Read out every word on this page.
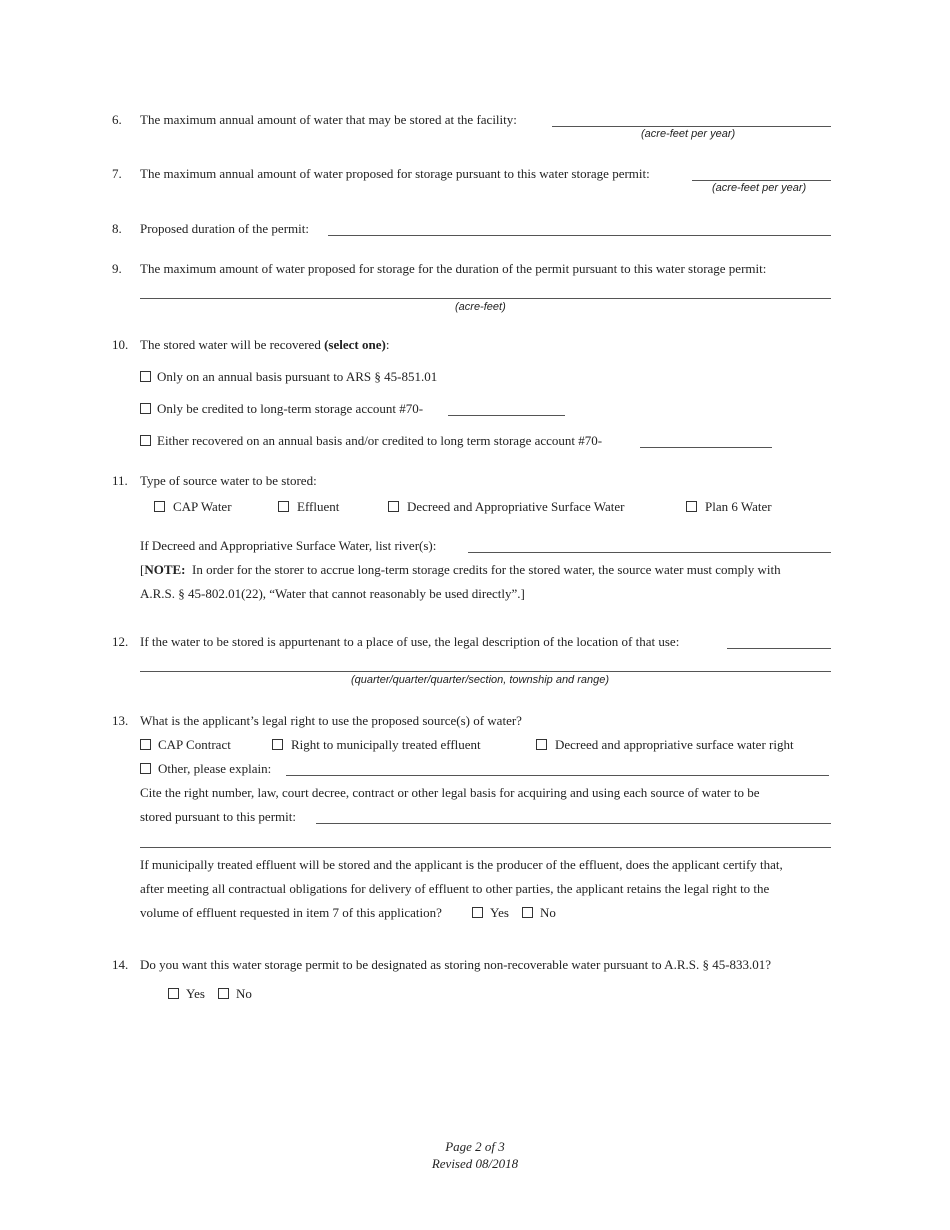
6. The maximum annual amount of water that may be stored at the facility:
(acre-feet per year)
7. The maximum annual amount of water proposed for storage pursuant to this water storage permit:
(acre-feet per year)
8. Proposed duration of the permit:
9. The maximum amount of water proposed for storage for the duration of the permit pursuant to this water storage permit:
(acre-feet)
10. The stored water will be recovered (select one):
Only on an annual basis pursuant to ARS § 45-851.01
Only be credited to long-term storage account #70-
Either recovered on an annual basis and/or credited to long term storage account #70-
11. Type of source water to be stored:
CAP Water	Effluent	Decreed and Appropriative Surface Water	Plan 6 Water
If Decreed and Appropriative Surface Water, list river(s):
[NOTE: In order for the storer to accrue long-term storage credits for the stored water, the source water must comply with
A.R.S. § 45-802.01(22), “Water that cannot reasonably be used directly”.]
12. If the water to be stored is appurtenant to a place of use, the legal description of the location of that use:
(quarter/quarter/quarter/section, township and range)
13. What is the applicant’s legal right to use the proposed source(s) of water?
CAP Contract	Right to municipally treated effluent	Decreed and appropriative surface water right
Other, please explain:
Cite the right number, law, court decree, contract or other legal basis for acquiring and using each source of water to be
stored pursuant to this permit:
If municipally treated effluent will be stored and the applicant is the producer of the effluent, does the applicant certify that,
after meeting all contractual obligations for delivery of effluent to other parties, the applicant retains the legal right to the
volume of effluent requested in item 7 of this application?	Yes	No
14. Do you want this water storage permit to be designated as storing non-recoverable water pursuant to A.R.S. § 45-833.01?
Yes	No
Page 2 of 3
Revised 08/2018
